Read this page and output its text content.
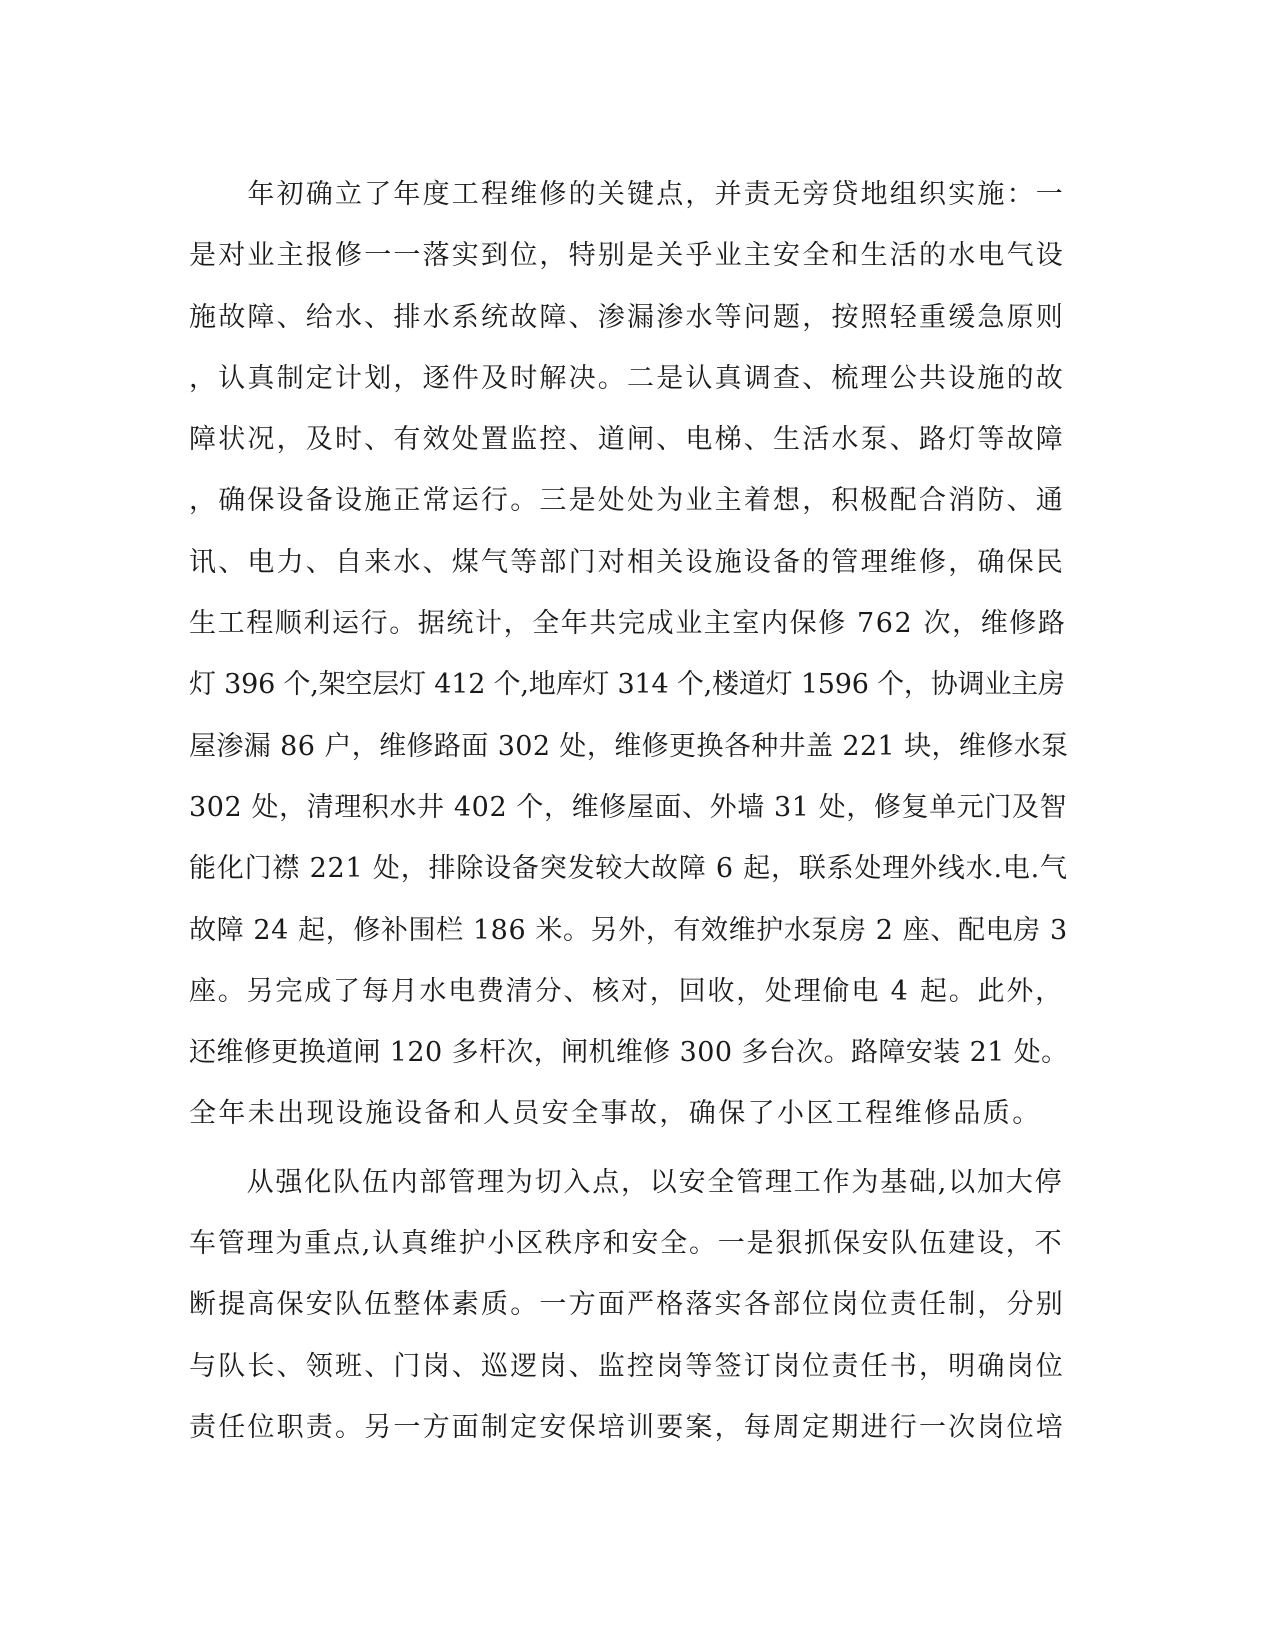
　　年初确立了年度工程维修的关键点，并责无旁贷地组织实施：一
是对业主报修一一落实到位，特别是关乎业主安全和生活的水电气设
施故障、给水、排水系统故障、渗漏渗水等问题，按照轻重缓急原则
，认真制定计划，逐件及时解决。二是认真调查、梳理公共设施的故
障状况，及时、有效处置监控、道闸、电梯、生活水泵、路灯等故障
，确保设备设施正常运行。三是处处为业主着想，积极配合消防、通
讯、电力、自来水、煤气等部门对相关设施设备的管理维修，确保民
生工程顺利运行。据统计，全年共完成业主室内保修 762 次，维修路
灯 396 个,架空层灯 412 个,地库灯 314 个,楼道灯 1596 个，协调业主房
屋渗漏 86 户，维修路面 302 处，维修更换各种井盖 221 块，维修水泵
302 处，清理积水井 402 个，维修屋面、外墙 31 处，修复单元门及智
能化门襟 221 处，排除设备突发较大故障 6 起，联系处理外线水.电.气
故障 24 起，修补围栏 186 米。另外，有效维护水泵房 2 座、配电房 3
座。另完成了每月水电费清分、核对，回收，处理偷电 4 起。此外，
还维修更换道闸 120 多杆次，闸机维修 300 多台次。路障安装 21 处。
全年未出现设施设备和人员安全事故，确保了小区工程维修品质。
　　从强化队伍内部管理为切入点，以安全管理工作为基础,以加大停
车管理为重点,认真维护小区秩序和安全。一是狠抓保安队伍建设，不
断提高保安队伍整体素质。一方面严格落实各部位岗位责任制，分别
与队长、领班、门岗、巡逻岗、监控岗等签订岗位责任书，明确岗位
责任位职责。另一方面制定安保培训要案，每周定期进行一次岗位培
